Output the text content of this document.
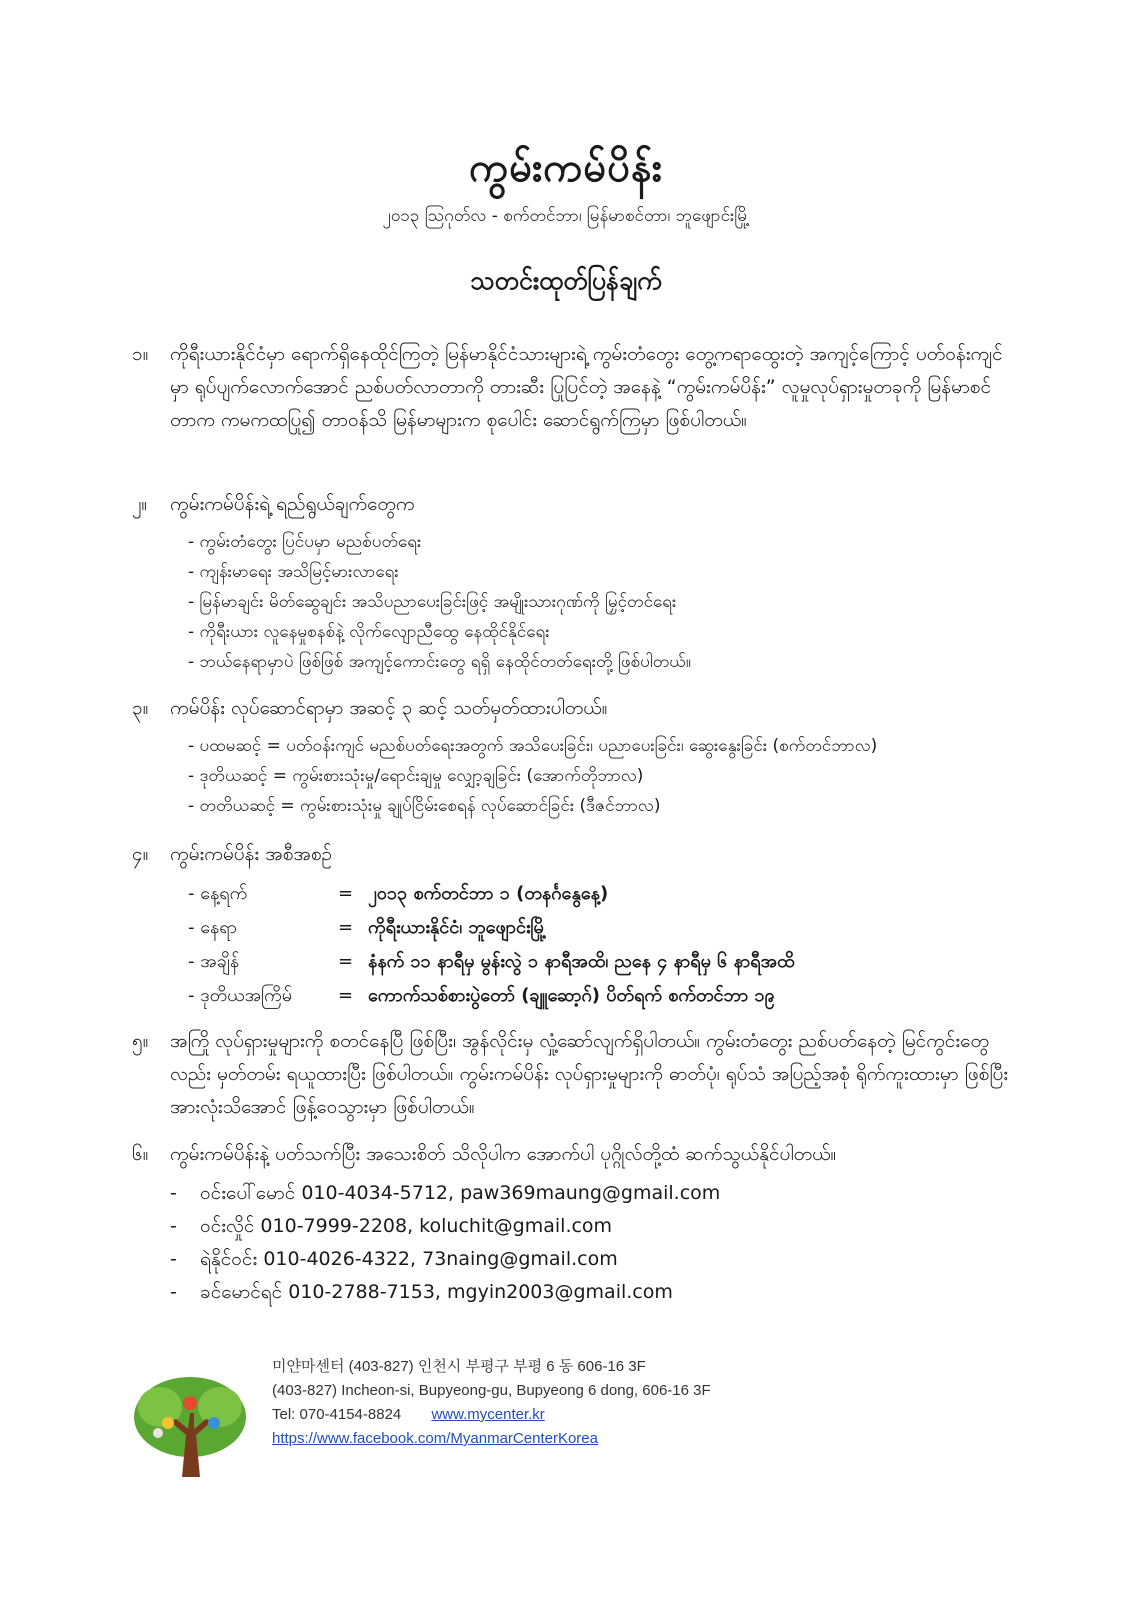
ကွမ်းကမ်ပိန်း
၂၀၁၃ ဩဂုတ်လ - စက်တင်ဘာ၊ မြန်မာစင်တာ၊ ဘူဖျောင်းမြို့
သတင်းထုတ်ပြန်ချက်
၁။	ကိုရီးယားနိုင်ငံမှာ ရောက်ရှိနေထိုင်ကြတဲ့ မြန်မာနိုင်ငံသားများရဲ့ ကွမ်းတံတွေး တွေ့ကရာထွေးတဲ့ အကျင့်ကြောင့် ပတ်ဝန်းကျင်မှာ ရုပ်ပျက်လောက်အောင် ညစ်ပတ်လာတာကို တားဆီး ပြုပြင်တဲ့ အနေနဲ့ “ကွမ်းကမ်ပိန်း” လူမှုလုပ်ရှားမှုတခုကို မြန်မာစင်တာက ကမကထပြု၍ တာဝန်သိ မြန်မာများက စုပေါင်း ဆောင်ရွက်ကြမှာ ဖြစ်ပါတယ်။
၂။	ကွမ်းကမ်ပိန်းရဲ့ ရည်ရွယ်ချက်တွေက
- ကွမ်းတံတွေး ပြင်ပမှာ မညစ်ပတ်ရေး
- ကျန်းမာရေး အသိမြင့်မားလာရေး
- မြန်မာချင်း မိတ်ဆွေချင်း အသိပညာပေးခြင်းဖြင့် အမျိုးသားဂုဏ်ကို မြှင့်တင်ရေး
- ကိုရီးယား လူနေမှုစနစ်နဲ့ လိုက်လျောညီထွေ နေထိုင်နိုင်ရေး
- ဘယ်နေရာမှာပဲ ဖြစ်ဖြစ် အကျင့်ကောင်းတွေ ရရှိ နေထိုင်တတ်ရေးတို့ ဖြစ်ပါတယ်။
၃။	ကမ်ပိန်း လုပ်ဆောင်ရာမှာ အဆင့် ၃ ဆင့် သတ်မှတ်ထားပါတယ်။
- ပထမဆင့် = ပတ်ဝန်းကျင် မညစ်ပတ်ရေးအတွက် အသိပေးခြင်း၊ ပညာပေးခြင်း၊ ဆွေးနွေးခြင်း (စက်တင်ဘာလ)
- ဒုတိယဆင့် = ကွမ်းစားသုံးမှု/ရောင်းချမှု လျှော့ချခြင်း (အောက်တိုဘာလ)
- တတိယဆင့် = ကွမ်းစားသုံးမှု ချုပ်ငြိမ်းစေရန် လုပ်ဆောင်ခြင်း (ဒီဇင်ဘာလ)
၄။	ကွမ်းကမ်ပိန်း အစီအစဉ်
- နေ့ရက်	=	၂၀၁၃ စက်တင်ဘာ ၁ (တနင်္ဂနွေနေ့)
- နေရာ	=	ကိုရီးယားနိုင်ငံ၊ ဘူဖျောင်းမြို့
- အချိန်	=	နံနက် ၁၁ နာရီမှ မွန်းလွဲ ၁ နာရီအထိ၊ ညနေ ၄ နာရီမှ ၆ နာရီအထိ
- ဒုတိယအကြိမ်	=	ကောက်သစ်စားပွဲတော် (ချူဆော့ဂ်) ပိတ်ရက် စက်တင်ဘာ ၁၉
၅။	အကြို လုပ်ရှားမှုများကို စတင်နေပြီ ဖြစ်ပြီး၊ အွန်လိုင်းမှ လှုံ့ဆော်လျက်ရှိပါတယ်။ ကွမ်းတံတွေး ညစ်ပတ်နေတဲ့ မြင်ကွင်းတွေလည်း မှတ်တမ်း ရယူထားပြီး ဖြစ်ပါတယ်။ ကွမ်းကမ်ပိန်း လုပ်ရှားမှုများကို ဓာတ်ပုံ၊ ရုပ်သံ အပြည့်အစုံ ရိုက်ကူးထားမှာ ဖြစ်ပြီး အားလုံးသိအောင် ဖြန့်ဝေသွားမှာ ဖြစ်ပါတယ်။
၆။	ကွမ်းကမ်ပိန်းနဲ့ ပတ်သက်ပြီး အသေးစိတ် သိလိုပါက အောက်ပါ ပုဂ္ဂိုလ်တို့ထံ ဆက်သွယ်နိုင်ပါတယ်။
-	ဝင်းပေါ်မောင် 010-4034-5712, paw369maung@gmail.com
-	ဝင်းလှိုင် 010-7999-2208, koluchit@gmail.com
-	ရဲနိုင်ဝင်း 010-4026-4322, 73naing@gmail.com
-	ခင်မောင်ရင် 010-2788-7153, mgyin2003@gmail.com
미얀마센터 (403-827) 인천시 부평구 부평 6 동 606-16 3F
(403-827) Incheon-si, Bupyeong-gu, Bupyeong 6 dong, 606-16 3F
Tel: 070-4154-8824 www.mycenter.kr
https://www.facebook.com/MyanmarCenterKorea
